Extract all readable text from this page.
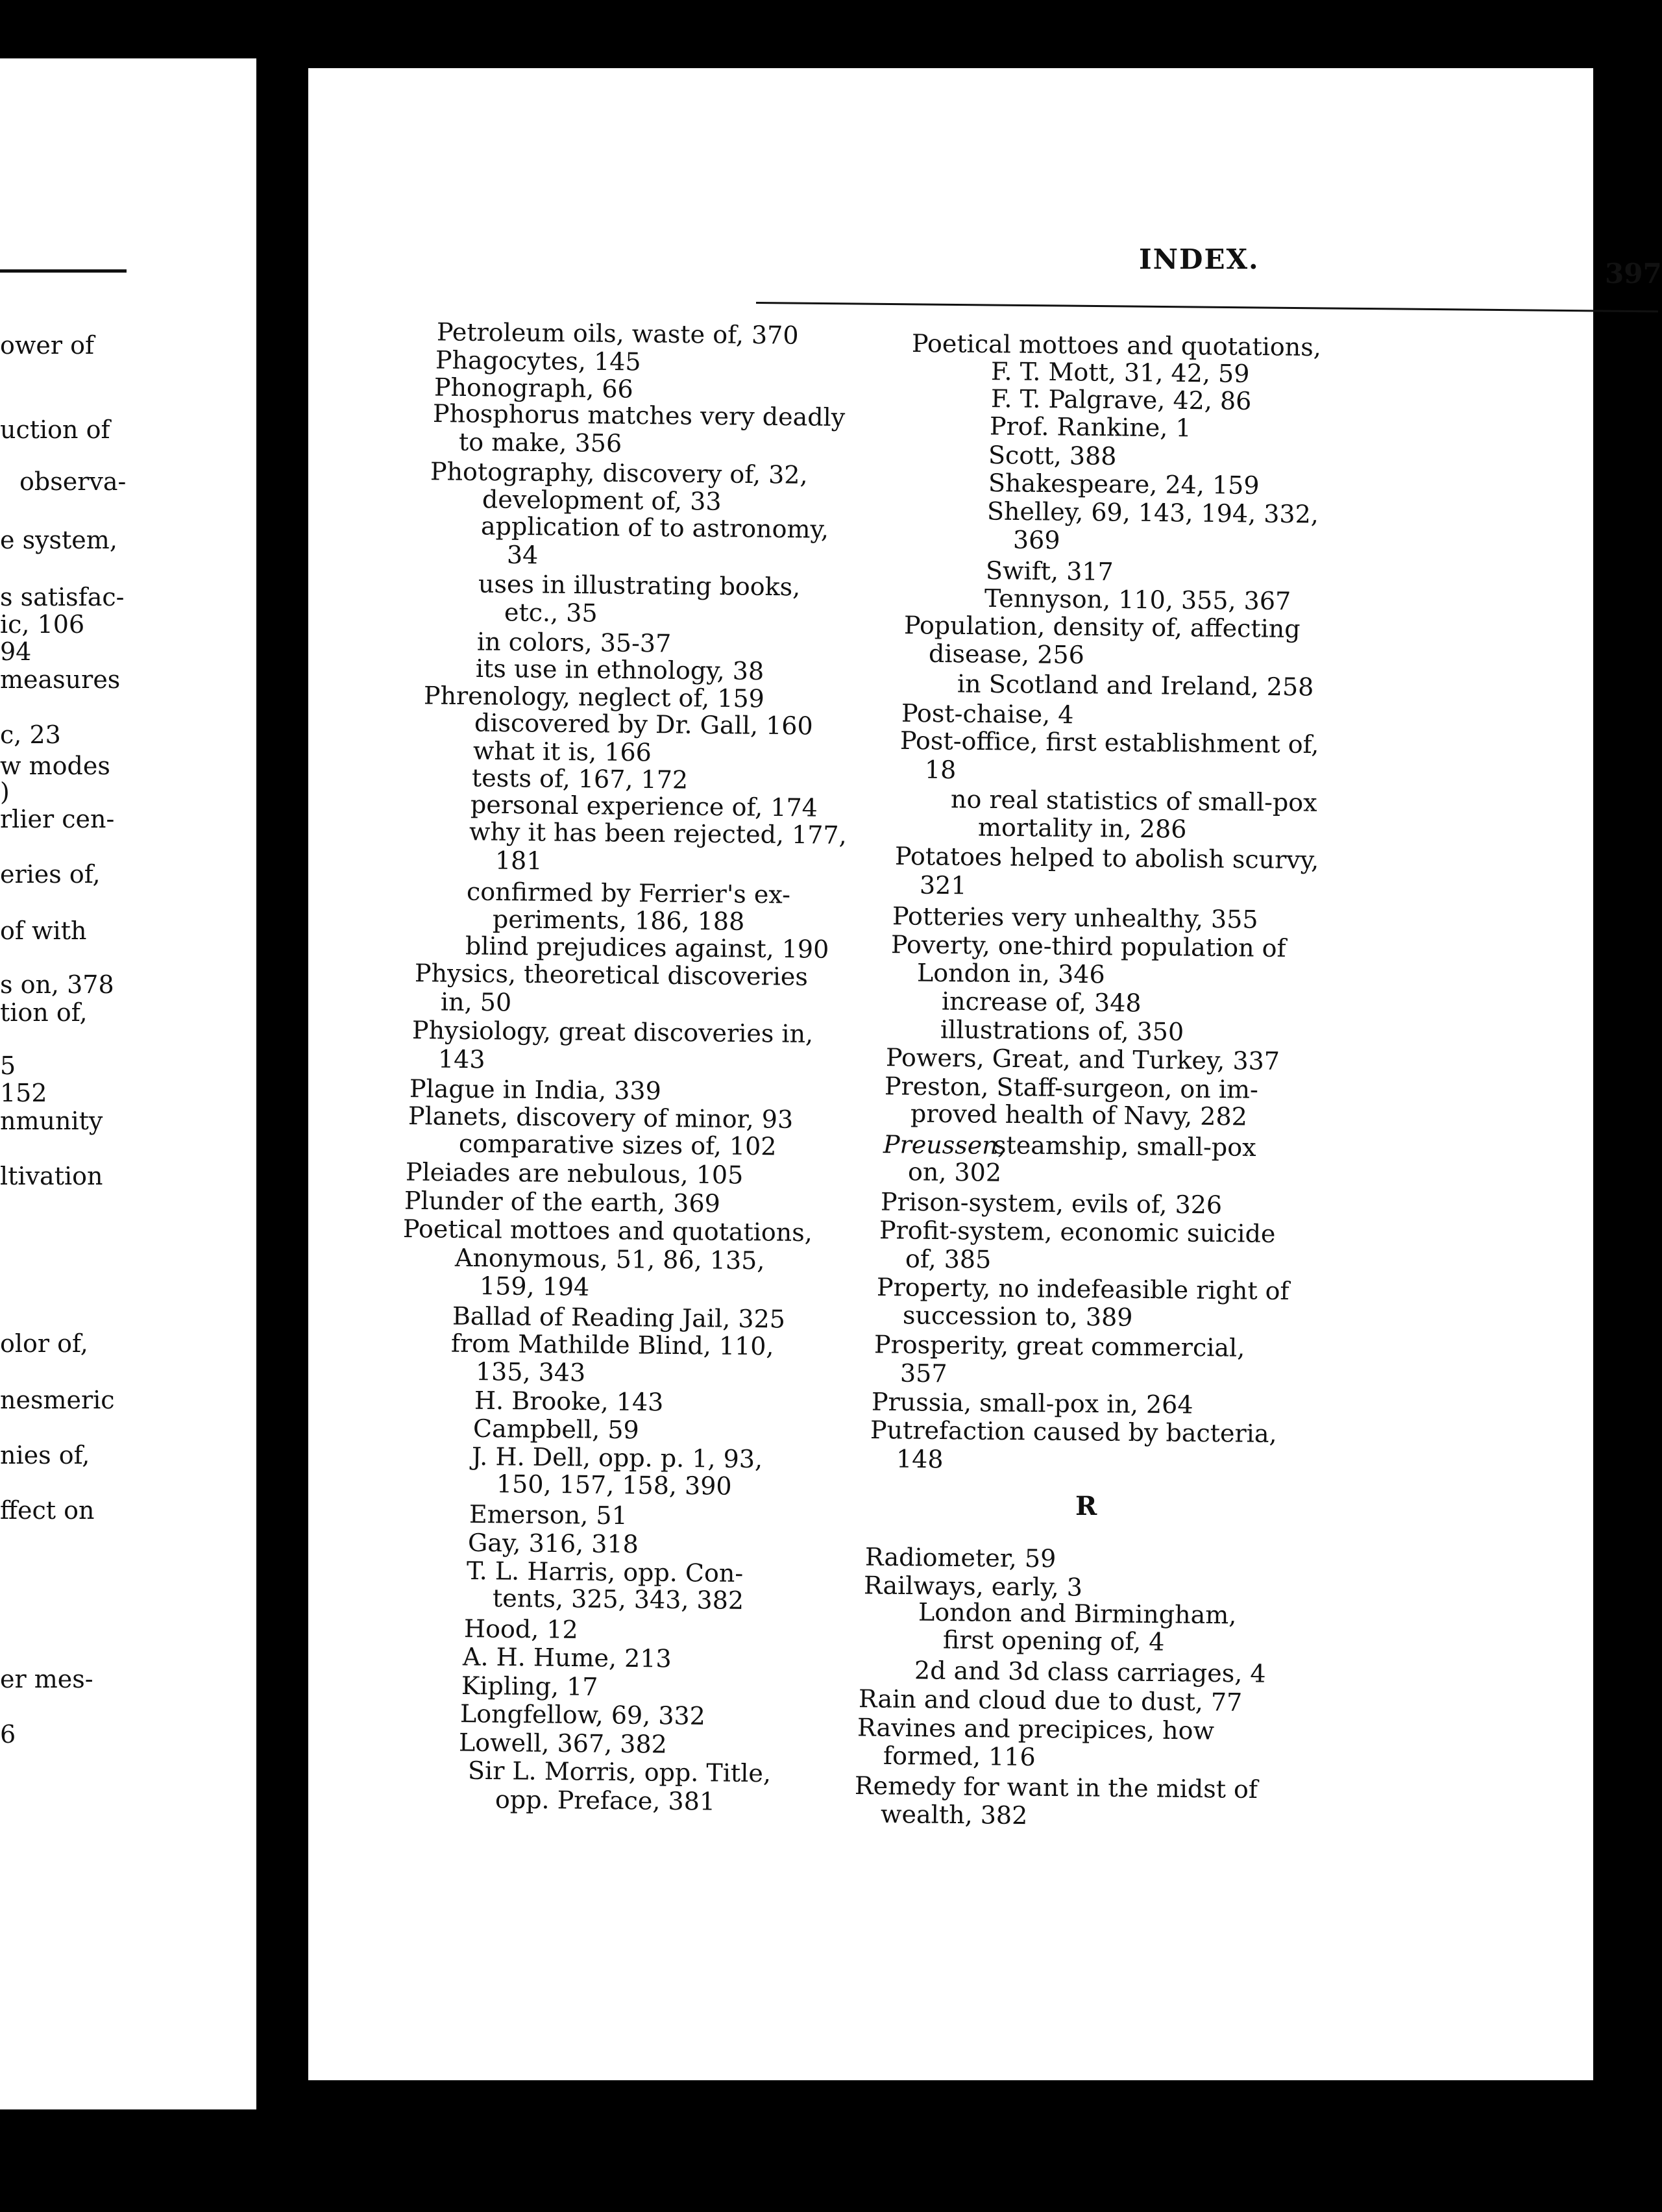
ower of
uction of
observa-
e system,
s satisfac-
ic, 106
94
measures
c, 23
w modes
)
rlier cen-
eries of,
of with
s on, 378
tion of,
5
152
nmunity
ltivation
olor of,
nesmeric
nies of,
ffect on
er mes-
6
INDEX.	397
Petroleum oils, waste of, 370
Phagocytes, 145
Phonograph, 66
Phosphorus matches very deadly
to make, 356
Photography, discovery of, 32,
development of, 33
application of to astronomy,
34
uses in illustrating books,
etc., 35
in colors, 35-37
its use in ethnology, 38
Phrenology, neglect of, 159
discovered by Dr. Gall, 160
what it is, 166
tests of, 167, 172
personal experience of, 174
why it has been rejected, 177,
181
confirmed by Ferrier's ex-
periments, 186, 188
blind prejudices against, 190
Physics, theoretical discoveries
in, 50
Physiology, great discoveries in,
143
Plague in India, 339
Planets, discovery of minor, 93
comparative sizes of, 102
Pleiades are nebulous, 105
Plunder of the earth, 369
Poetical mottoes and quotations,
Anonymous, 51, 86, 135,
159, 194
Ballad of Reading Jail, 325
from Mathilde Blind, 110,
135, 343
H. Brooke, 143
Campbell, 59
J. H. Dell, opp. p. 1, 93,
150, 157, 158, 390
Emerson, 51
Gay, 316, 318
T. L. Harris, opp. Con-
tents, 325, 343, 382
Hood, 12
A. H. Hume, 213
Kipling, 17
Longfellow, 69, 332
Lowell, 367, 382
Sir L. Morris, opp. Title,
opp. Preface, 381
Poetical mottoes and quotations,
F. T. Mott, 31, 42, 59
F. T. Palgrave, 42, 86
Prof. Rankine, 1
Scott, 388
Shakespeare, 24, 159
Shelley, 69, 143, 194, 332,
369
Swift, 317
Tennyson, 110, 355, 367
Population, density of, affecting
disease, 256
in Scotland and Ireland, 258
Post-chaise, 4
Post-office, first establishment of,
18
no real statistics of small-pox
mortality in, 286
Potatoes helped to abolish scurvy,
321
Potteries very unhealthy, 355
Poverty, one-third population of
London in, 346
increase of, 348
illustrations of, 350
Powers, Great, and Turkey, 337
Preston, Staff-surgeon, on im-
proved health of Navy, 282
Preussen,
steamship, small-pox
on, 302
Prison-system, evils of, 326
Profit-system, economic suicide
of, 385
Property, no indefeasible right of
succession to, 389
Prosperity, great commercial,
357
Prussia, small-pox in, 264
Putrefaction caused by bacteria,
148
R
Radiometer, 59
Railways, early, 3
London and Birmingham,
first opening of, 4
2d and 3d class carriages, 4
Rain and cloud due to dust, 77
Ravines and precipices, how
formed, 116
Remedy for want in the midst of
wealth, 382
